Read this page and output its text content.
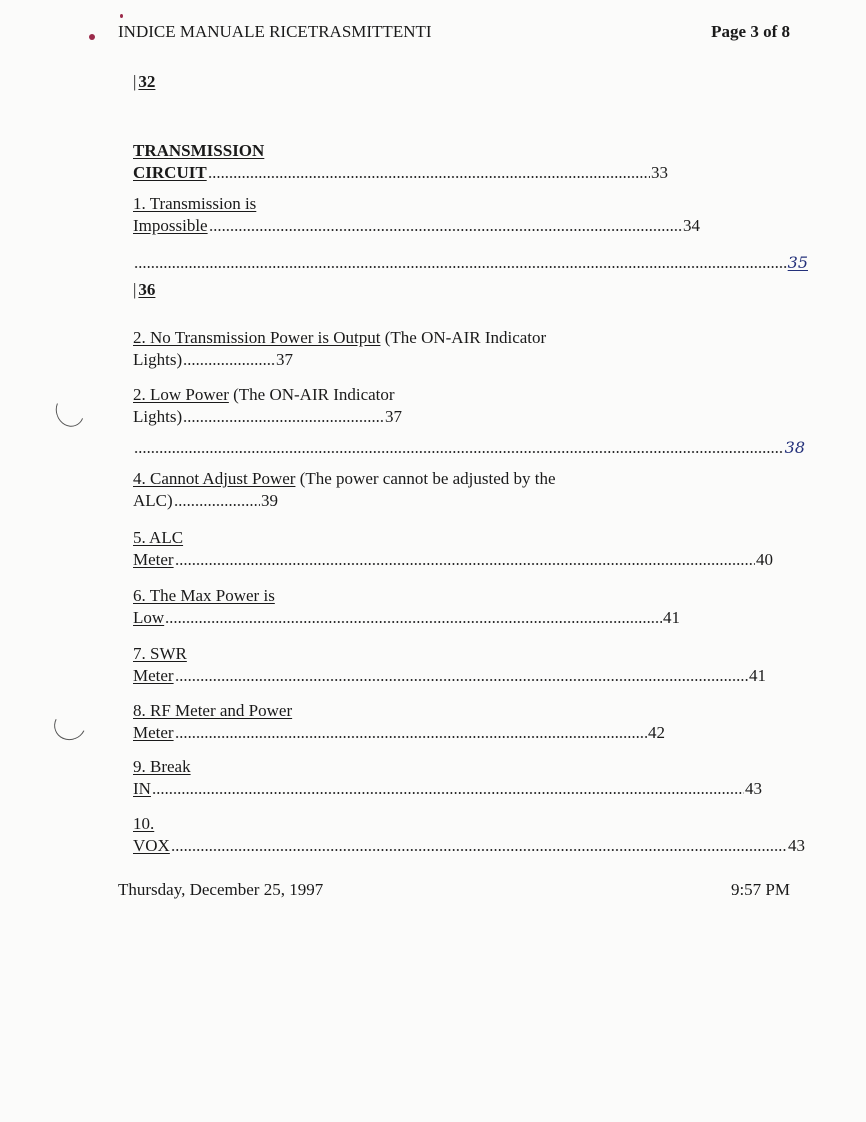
INDICE MANUALE RICETRASMITTENTI	Page 3 of 8
| 32
TRANSMISSION
CIRCUIT	33
1. Transmission is
Impossible	34
35
| 36
2. No Transmission Power is Output (The ON-AIR Indicator
Lights)	37
2. Low Power (The ON-AIR Indicator
Lights)	37
38
4. Cannot Adjust Power (The power cannot be adjusted by the
ALC)	39
5. ALC
Meter	40
6. The Max Power is
Low	41
7. SWR
Meter	41
8. RF Meter and Power
Meter	42
9. Break
IN	43
10.
VOX	43
Thursday, December 25, 1997	9:57 PM
